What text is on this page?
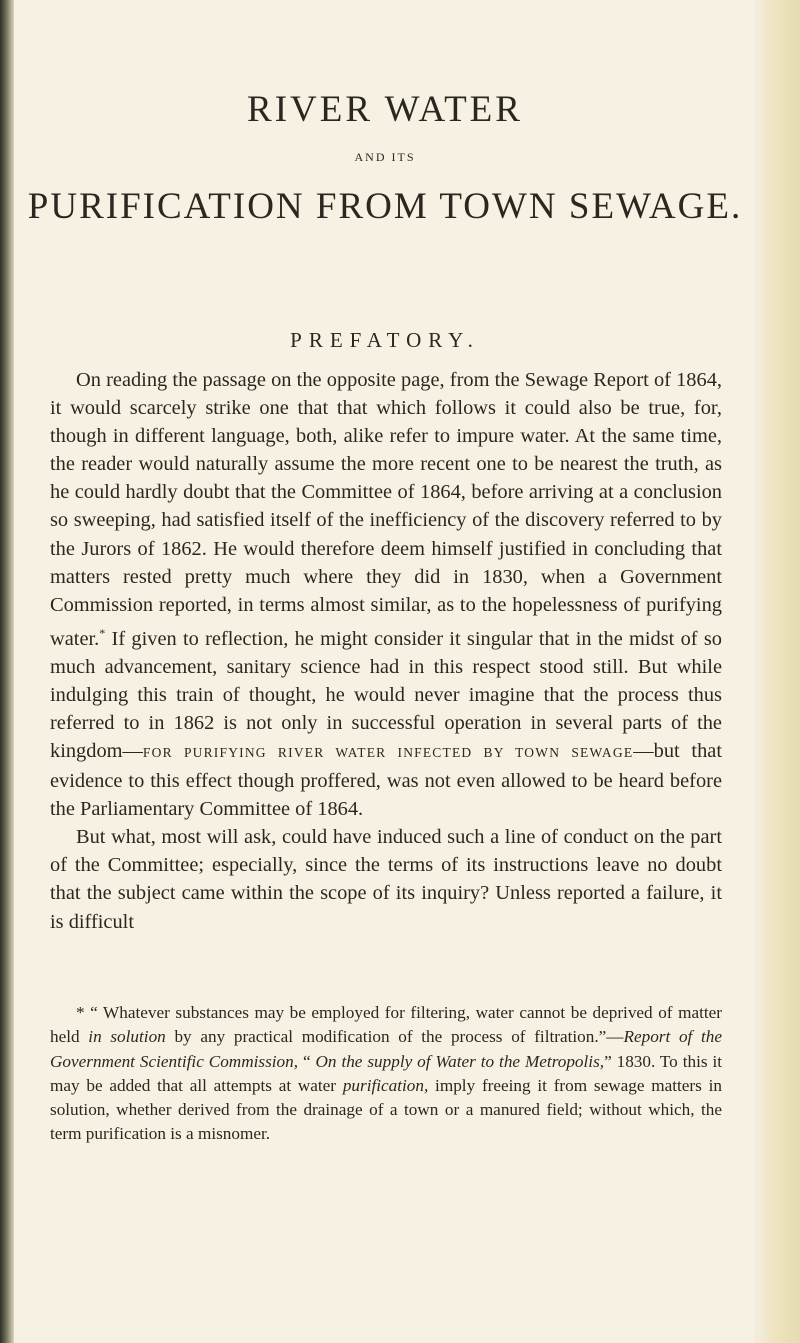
RIVER WATER
AND ITS
PURIFICATION FROM TOWN SEWAGE.
PREFATORY.

On reading the passage on the opposite page, from the Sewage Report of 1864, it would scarcely strike one that that which follows it could also be true, for, though in different language, both, alike refer to impure water. At the same time, the reader would naturally assume the more recent one to be nearest the truth, as he could hardly doubt that the Committee of 1864, before arriving at a conclusion so sweeping, had satisfied itself of the inefficiency of the discovery referred to by the Jurors of 1862. He would therefore deem himself justified in concluding that matters rested pretty much where they did in 1830, when a Government Commission reported, in terms almost similar, as to the hopelessness of purifying water.* If given to reflection, he might consider it singular that in the midst of so much advancement, sanitary science had in this respect stood still. But while indulging this train of thought, he would never imagine that the process thus referred to in 1862 is not only in successful operation in several parts of the kingdom—FOR PURIFYING RIVER WATER INFECTED BY TOWN SEWAGE—but that evidence to this effect though proffered, was not even allowed to be heard before the Parliamentary Committee of 1864.

But what, most will ask, could have induced such a line of conduct on the part of the Committee; especially, since the terms of its instructions leave no doubt that the subject came within the scope of its inquiry? Unless reported a failure, it is difficult

* “ Whatever substances may be employed for filtering, water cannot be deprived of matter held in solution by any practical modification of the process of filtration.”—Report of the Government Scientific Commission, “ On the supply of Water to the Metropolis,” 1830. To this it may be added that all attempts at water purification, imply freeing it from sewage matters in solution, whether derived from the drainage of a town or a manured field; without which, the term purification is a misnomer.
